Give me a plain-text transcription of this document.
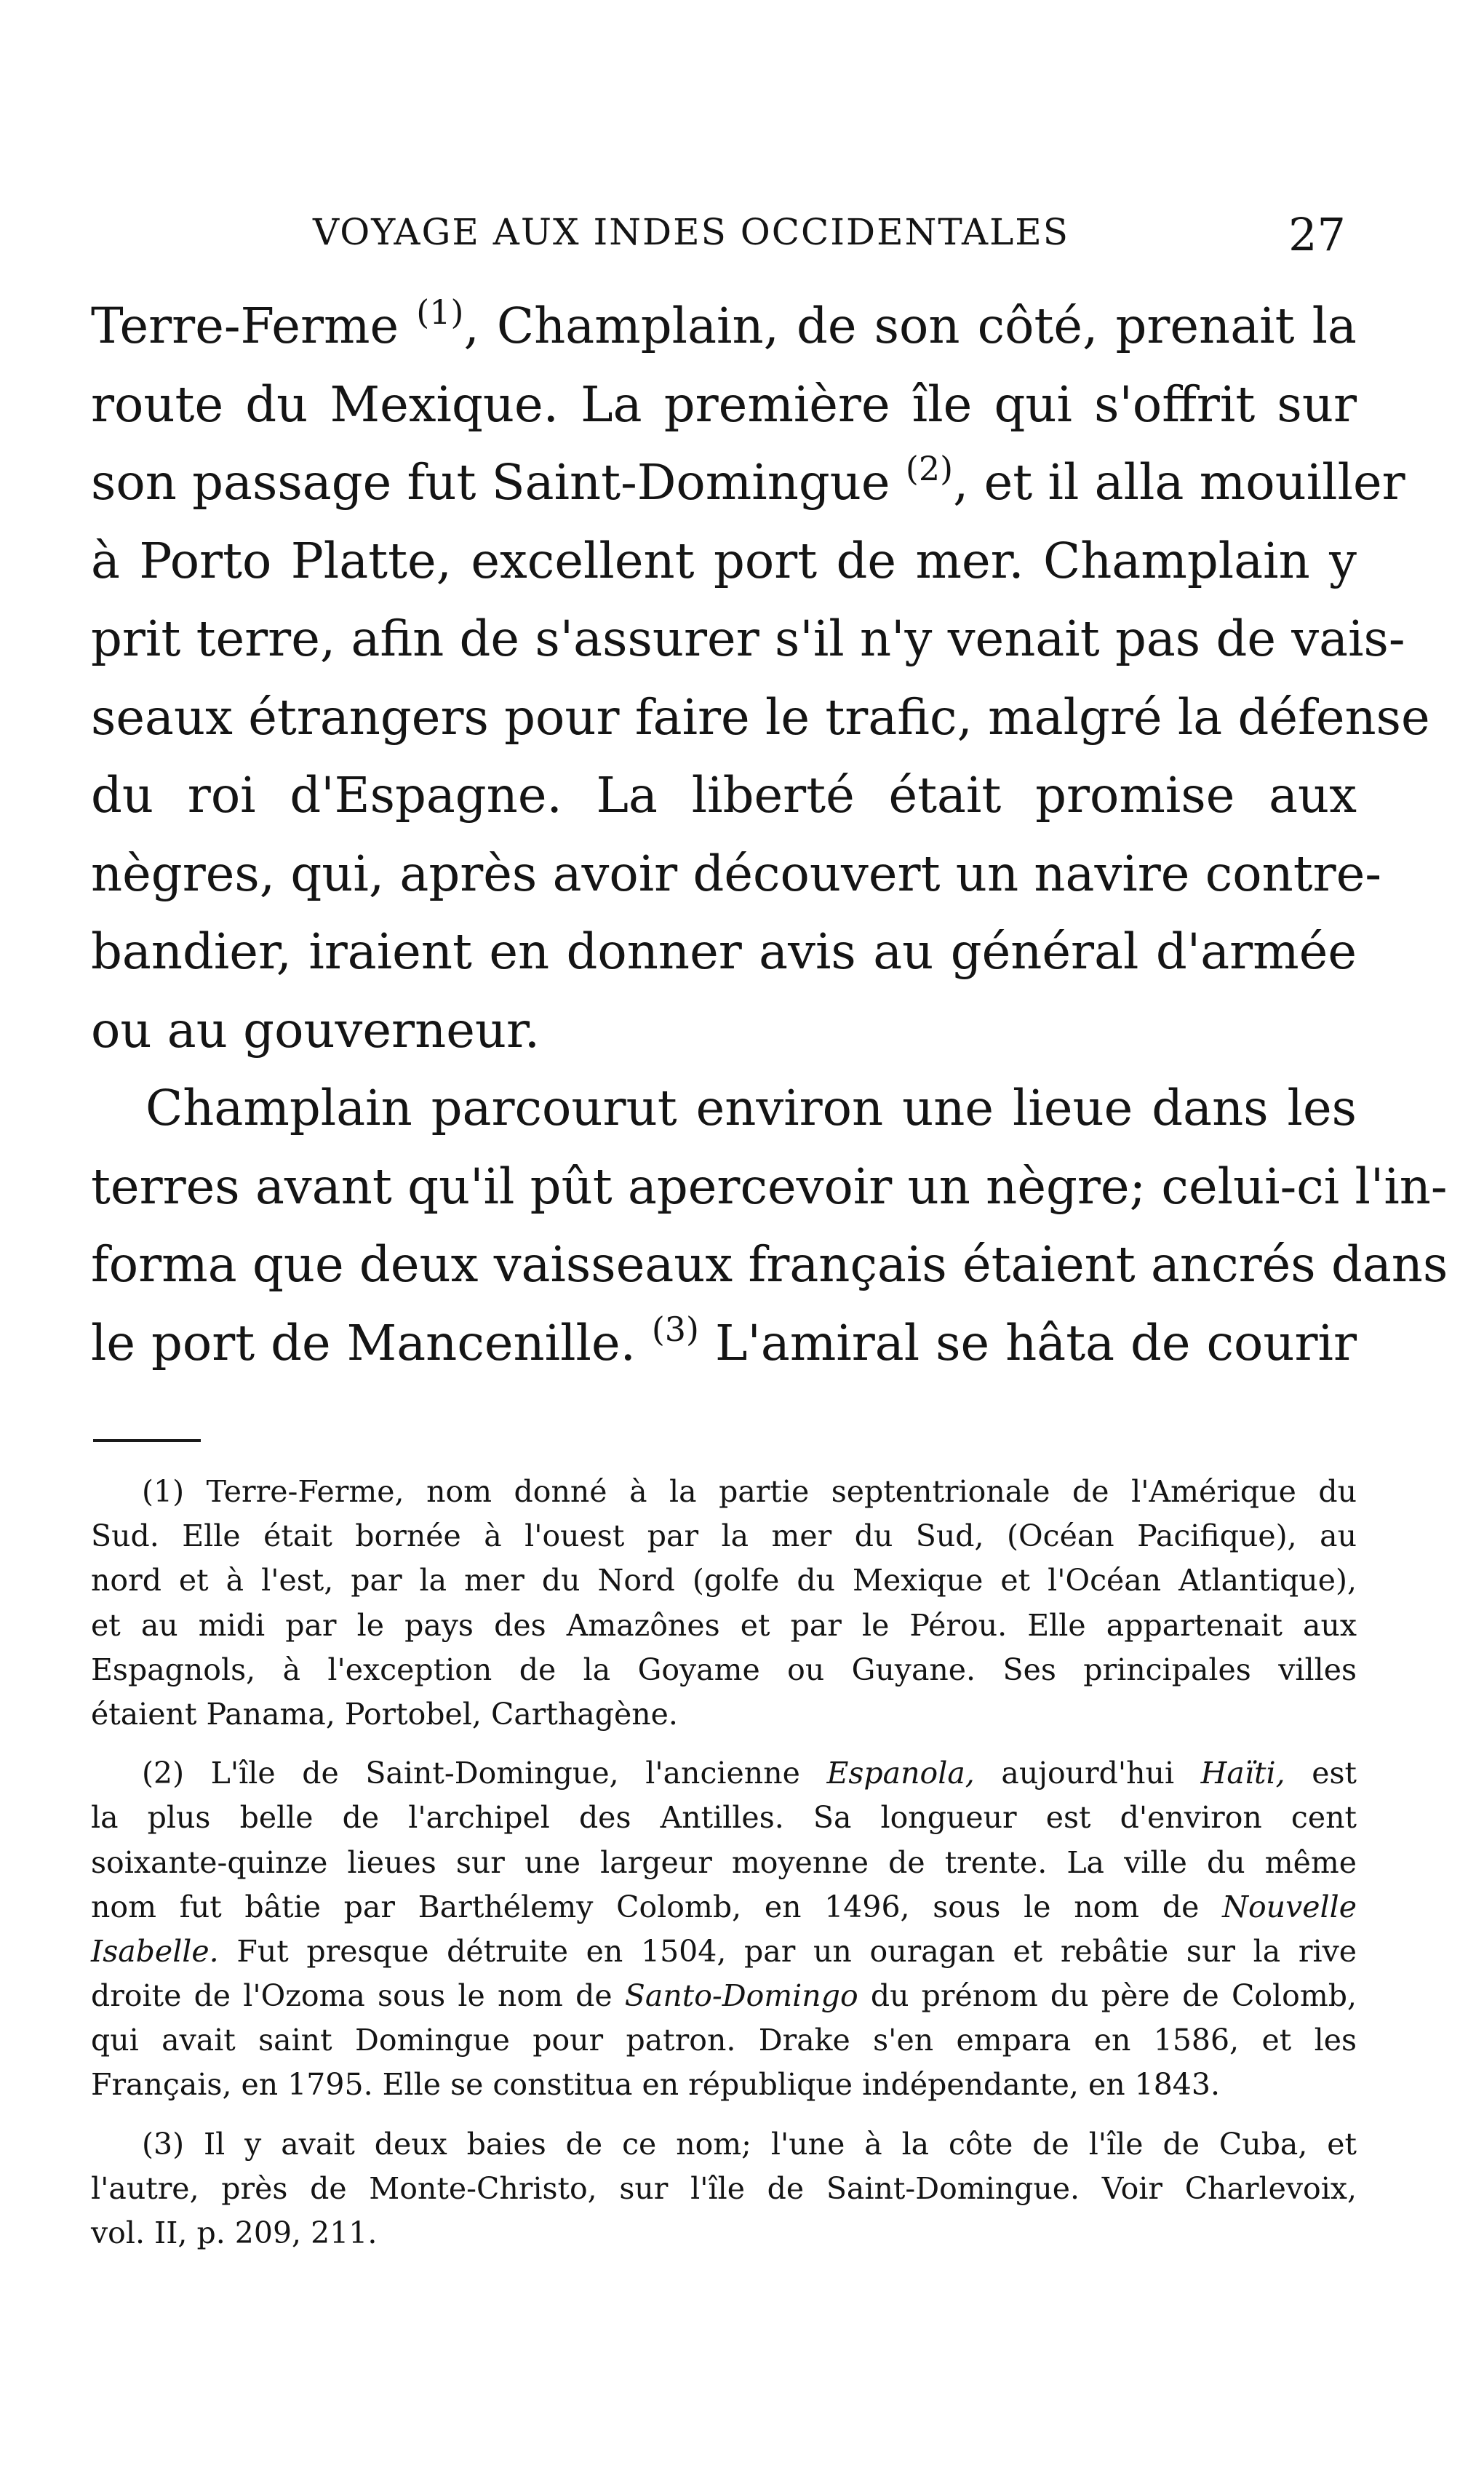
VOYAGE AUX INDES OCCIDENTALES	27
Terre-Ferme $^{(1)}$, Champlain, de son côté, prenait la
route du Mexique. La première île qui s'offrit sur
son passage fut Saint-Domingue $^{(2)}$, et il alla mouiller
à Porto Platte, excellent port de mer. Champlain y
prit terre, afin de s'assurer s'il n'y venait pas de vais-
seaux étrangers pour faire le trafic, malgré la défense
du roi d'Espagne. La liberté était promise aux
nègres, qui, après avoir découvert un navire contre-
bandier, iraient en donner avis au général d'armée
ou au gouverneur.
Champlain parcourut environ une lieue dans les
terres avant qu'il pût apercevoir un nègre; celui-ci l'in-
forma que deux vaisseaux français étaient ancrés dans
le port de Mancenille. $^{(3)}$ L'amiral se hâta de courir
(1) Terre-Ferme, nom donné à la partie septentrionale de l'Amérique du
Sud. Elle était bornée à l'ouest par la mer du Sud, (Océan Pacifique), au
nord et à l'est, par la mer du Nord (golfe du Mexique et l'Océan Atlantique),
et au midi par le pays des Amazônes et par le Pérou. Elle appartenait aux
Espagnols, à l'exception de la Goyame ou Guyane. Ses principales villes
étaient Panama, Portobel, Carthagène.
(2) L'île de Saint-Domingue, l'ancienne Espanola, aujourd'hui Haïti, est
la plus belle de l'archipel des Antilles. Sa longueur est d'environ cent
soixante-quinze lieues sur une largeur moyenne de trente. La ville du même
nom fut bâtie par Barthélemy Colomb, en 1496, sous le nom de Nouvelle
Isabelle. Fut presque détruite en 1504, par un ouragan et rebâtie sur la rive
droite de l'Ozoma sous le nom de Santo-Domingo du prénom du père de Colomb,
qui avait saint Domingue pour patron. Drake s'en empara en 1586, et les
Français, en 1795. Elle se constitua en république indépendante, en 1843.
(3) Il y avait deux baies de ce nom; l'une à la côte de l'île de Cuba, et
l'autre, près de Monte-Christo, sur l'île de Saint-Domingue. Voir Charlevoix,
vol. II, p. 209, 211.
